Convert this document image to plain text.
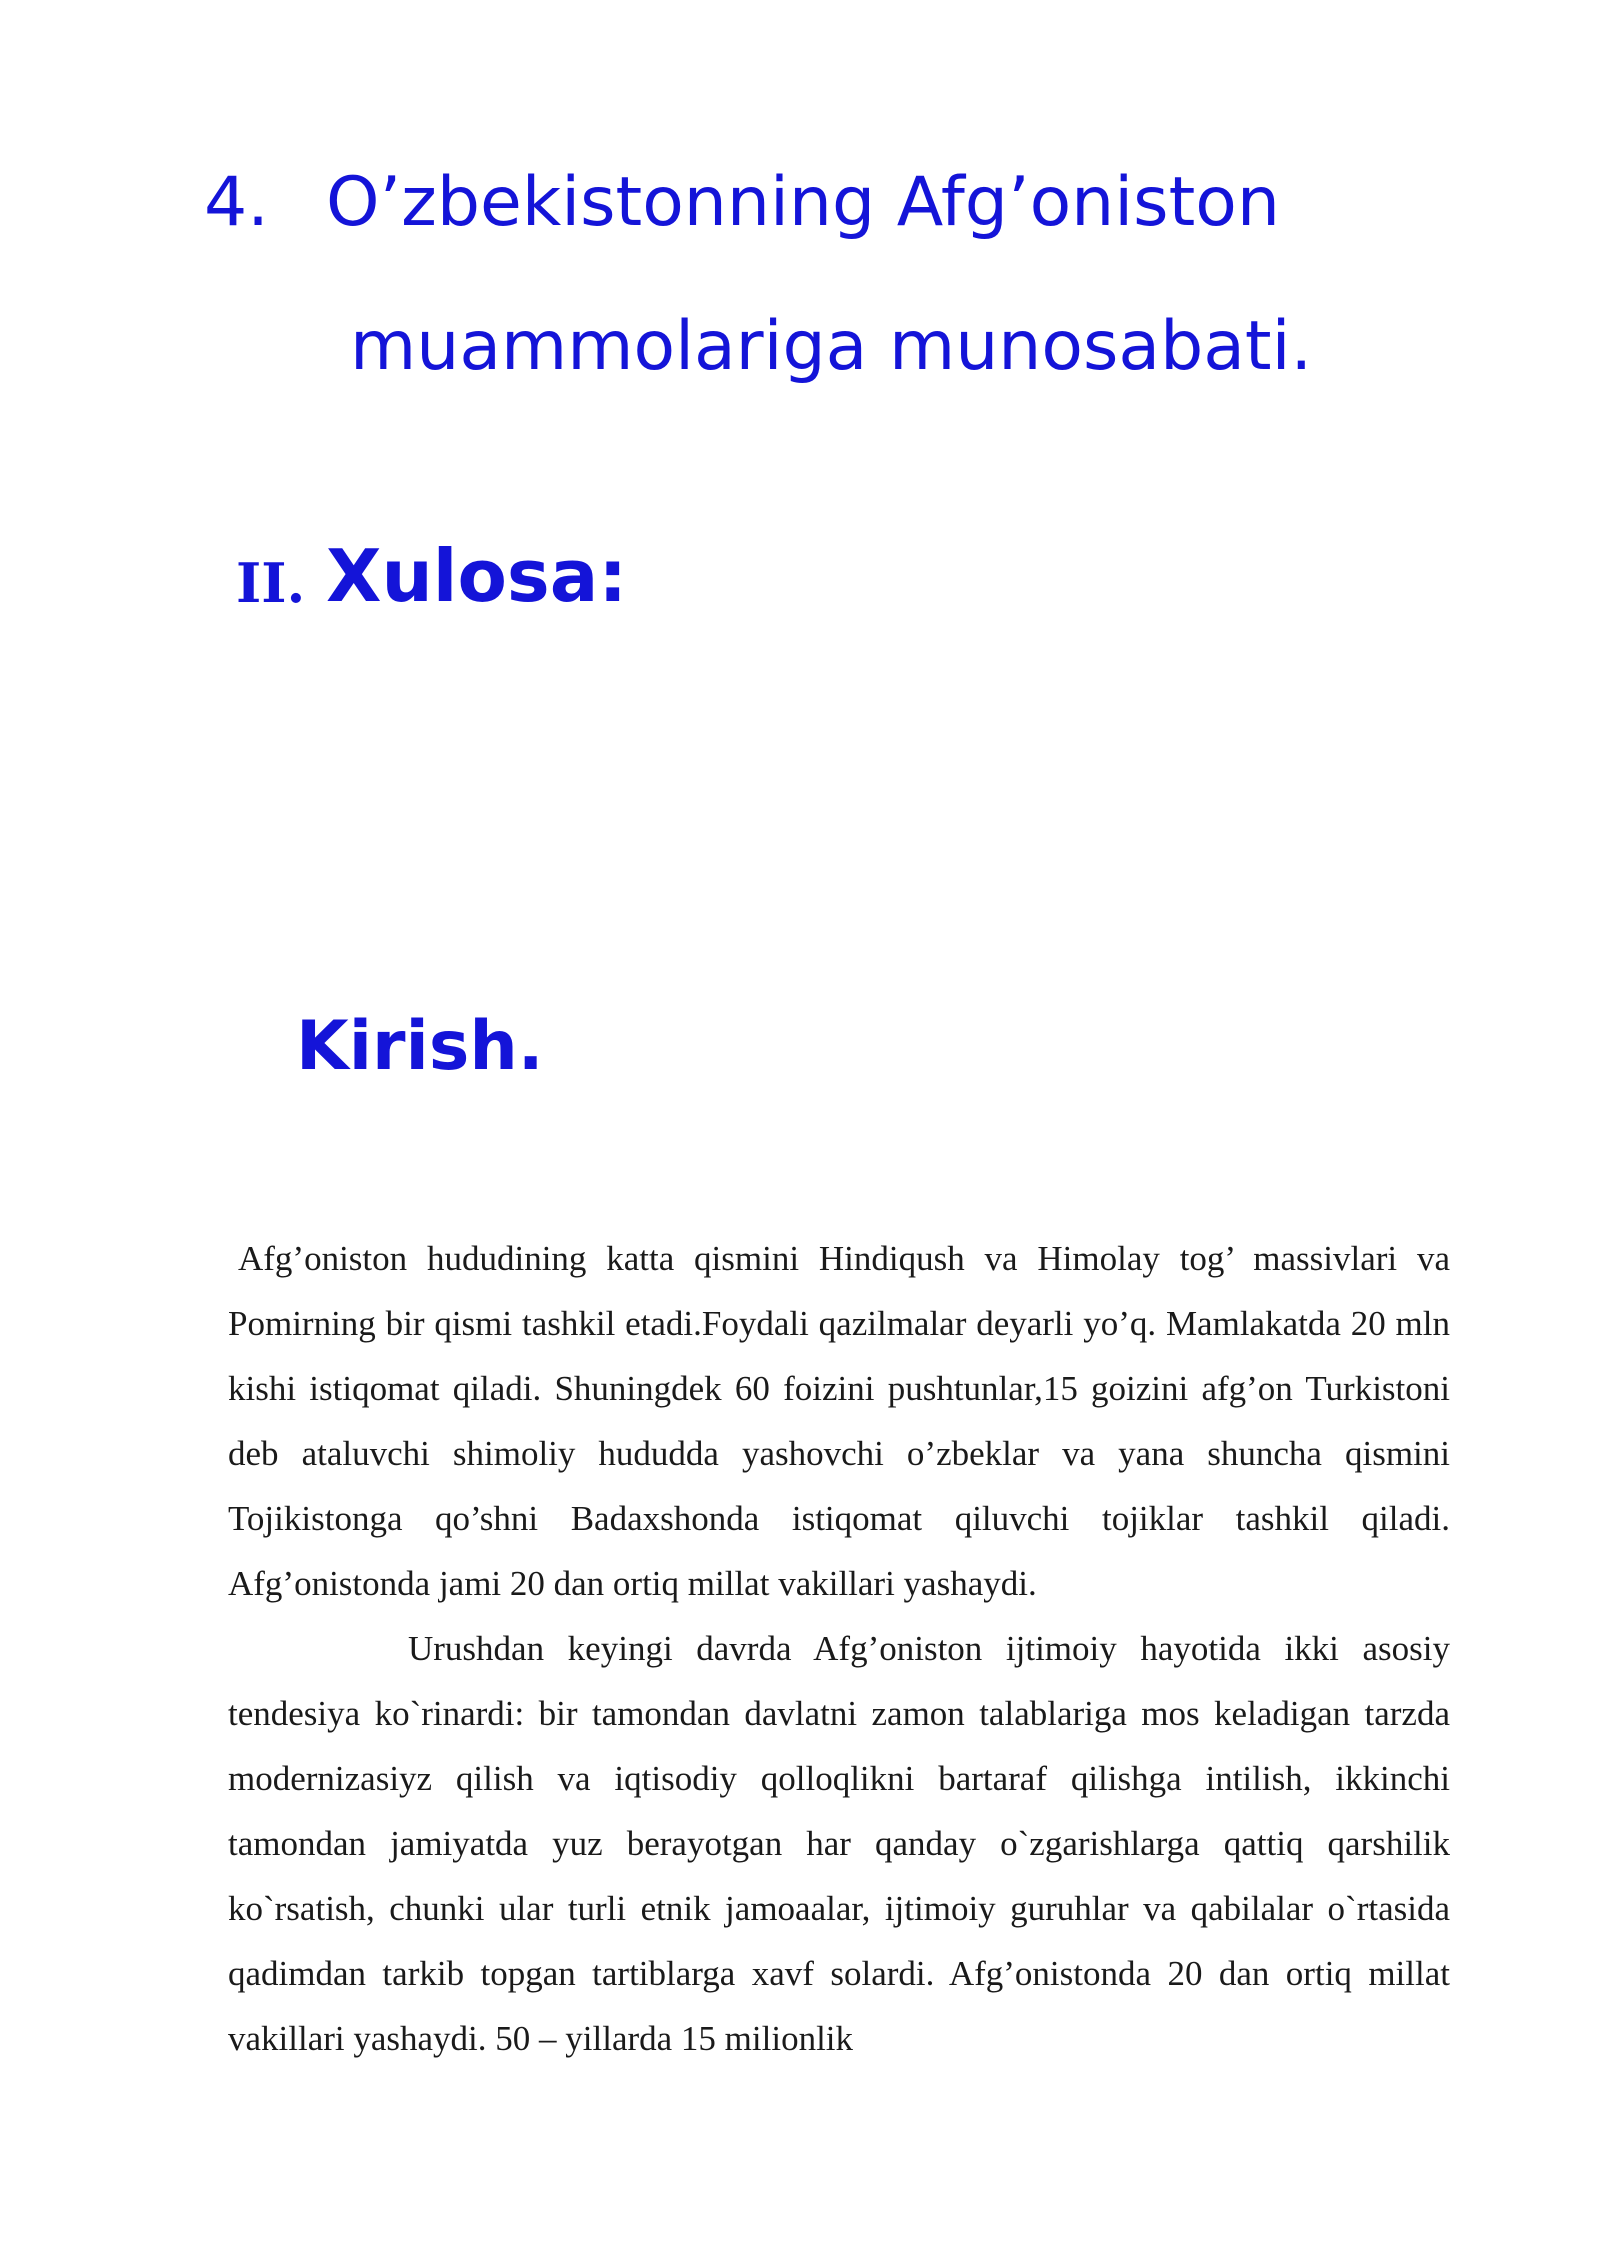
4. O’zbekistonning Afg’oniston
muammolariga munosabati.
II. Xulosa:
Kirish.

Afg’oniston hududining katta qismini Hindiqush va Himolay tog’ massivlari va Pomirning bir qismi tashkil etadi.Foydali qazilmalar deyarli yo’q. Mamlakatda 20 mln kishi istiqomat qiladi. Shuningdek 60 foizini pushtunlar,15 goizini afg’on Turkistoni deb ataluvchi shimoliy hududda yashovchi o’zbeklar va yana shuncha qismini Tojikistonga qo’shni Badaxshonda istiqomat qiluvchi tojiklar tashkil qiladi. Afg’onistonda jami 20 dan ortiq millat vakillari yashaydi.

Urushdan keyingi davrda Afg’oniston ijtimoiy hayotida ikki asosiy tendesiya ko`rinardi: bir tamondan davlatni zamon talablariga mos keladigan tarzda modernizasiyz qilish va iqtisodiy qolloqlikni bartaraf qilishga intilish, ikkinchi tamondan jamiyatda yuz berayotgan har qanday o`zgarishlarga qattiq qarshilik ko`rsatish, chunki ular turli etnik jamoaalar, ijtimoiy guruhlar va qabilalar o`rtasida qadimdan tarkib topgan tartiblarga xavf solardi. Afg’onistonda 20 dan ortiq millat vakillari yashaydi. 50 – yillarda 15 milionlik
